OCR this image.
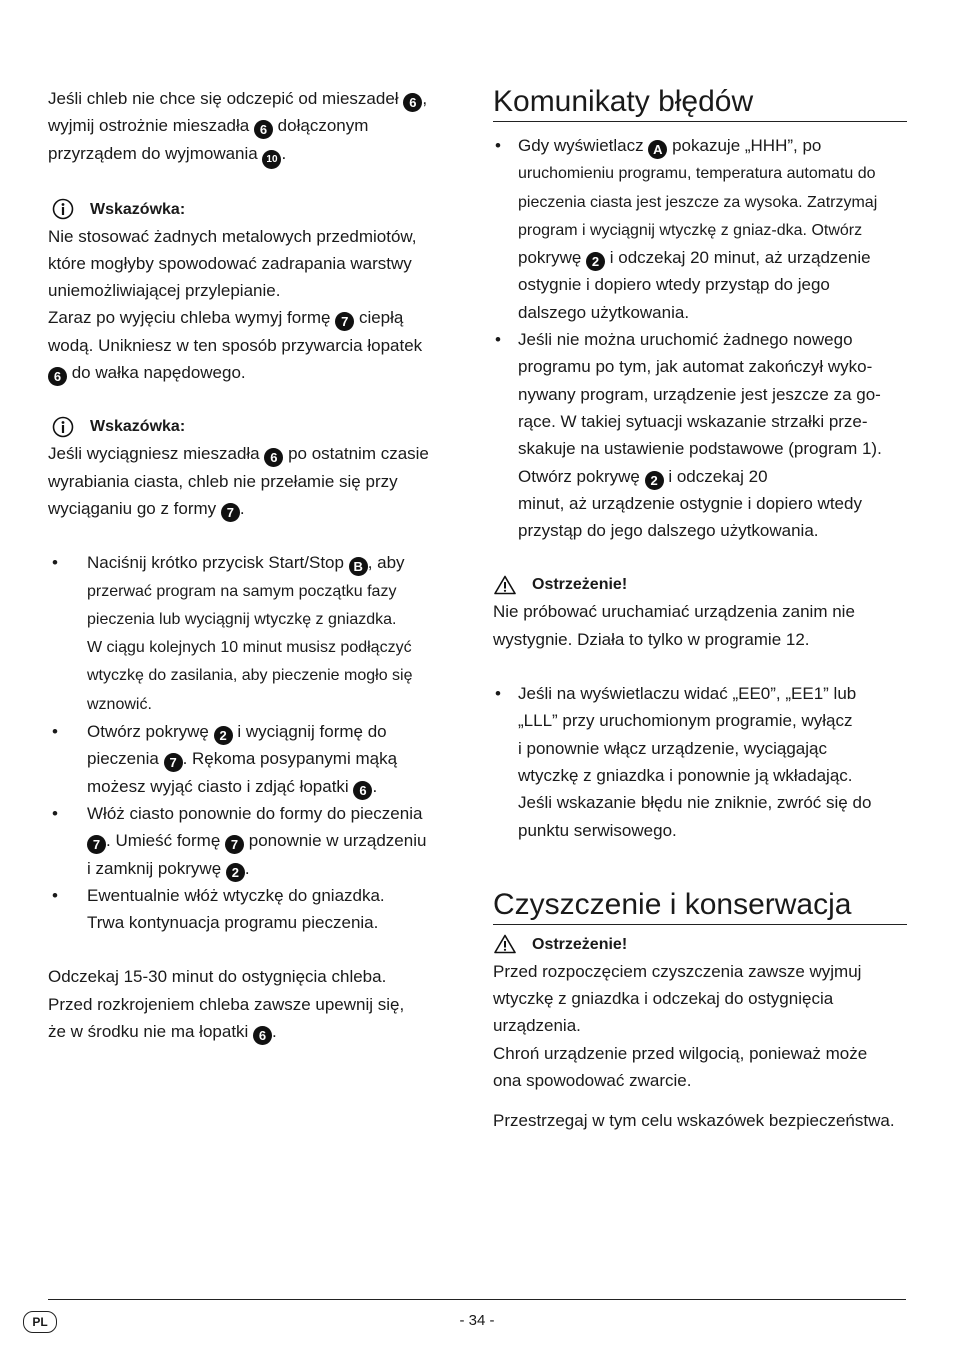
Jeśli chleb nie chce się odczepić od mieszadeł 6 ,
wyjmij ostrożnie mieszadła 6 dołączonym
przyrządem do wyjmowania 10 .

Wskazówka:

Nie stosować żadnych metalowych przedmiotów,
które mogłyby spowodować zadrapania warstwy
uniemożliwiającej przylepianie.

Zaraz po wyjęciu chleba wymyj formę 7 ciepłą
wodą. Unikniesz w ten sposób przywarcia łopatek
6 do wałka napędowego.

Wskazówka:

Jeśli wyciągniesz mieszadła 6 po ostatnim czasie
wyrabiania ciasta, chleb nie przełamie się przy
wyciąganiu go z formy 7 .

• Naciśnij krótko przycisk Start/Stop B , aby
przerwać program na samym początku fazy
pieczenia lub wyciągnij wtyczkę z gniazdka.
W ciągu kolejnych 10 minut musisz podłączyć
wtyczkę do zasilania, aby pieczenie mogło się
wznowić.
• Otwórz pokrywę 2 i wyciągnij formę do
pieczenia 7 . Rękoma posypanymi mąką
możesz wyjąć ciasto i zdjąć łopatki 6 .
• Włóż ciasto ponownie do formy do pieczenia
7 . Umieść formę 7 ponownie w urządzeniu
i zamknij pokrywę 2 .
• Ewentualnie włóż wtyczkę do gniazdka.
Trwa kontynuacja programu pieczenia.

Odczekaj 15-30 minut do ostygnięcia chleba.
Przed rozkrojeniem chleba zawsze upewnij się,
że w środku nie ma łopatki 6 .

Komunikaty błędów
• Gdy wyświetlacz A pokazuje „HHH”, po
uruchomieniu programu, temperatura automatu do
pieczenia ciasta jest jeszcze za wysoka. Zatrzymaj
program i wyciągnij wtyczkę z gniaz-dka. Otwórz
pokrywę 2 i odczekaj 20 minut, aż urządzenie
ostygnie i dopiero wtedy przystąp do jego
dalszego użytkowania.
• Jeśli nie można uruchomić żadnego nowego
programu po tym, jak automat zakończył wyko-
nywany program, urządzenie jest jeszcze za go-
rące. W takiej sytuacji wskazanie strzałki prze-
skakuje na ustawienie podstawowe (program 1).
Otwórz pokrywę 2 i odczekaj 20
minut, aż urządzenie ostygnie i dopiero wtedy
przystąp do jego dalszego użytkowania.
Ostrzeżenie!

Nie próbować uruchamiać urządzenia zanim nie
wystygnie. Działa to tylko w programie 12.

• Jeśli na wyświetlaczu widać „EE0”, „EE1” lub
„LLL” przy uruchomionym programie, wyłącz
i ponownie włącz urządzenie, wyciągając
wtyczkę z gniazdka i ponownie ją wkładając.
Jeśli wskazanie błędu nie zniknie, zwróć się do
punktu serwisowego.
Czyszczenie i konserwacja
Ostrzeżenie!

Przed rozpoczęciem czyszczenia zawsze wyjmuj
wtyczkę z gniazdka i odczekaj do ostygnięcia
urządzenia.
Chroń urządzenie przed wilgocią, ponieważ może
ona spowodować zwarcie.

Przestrzegaj w tym celu wskazówek bezpieczeństwa.

PL	- 34 -
